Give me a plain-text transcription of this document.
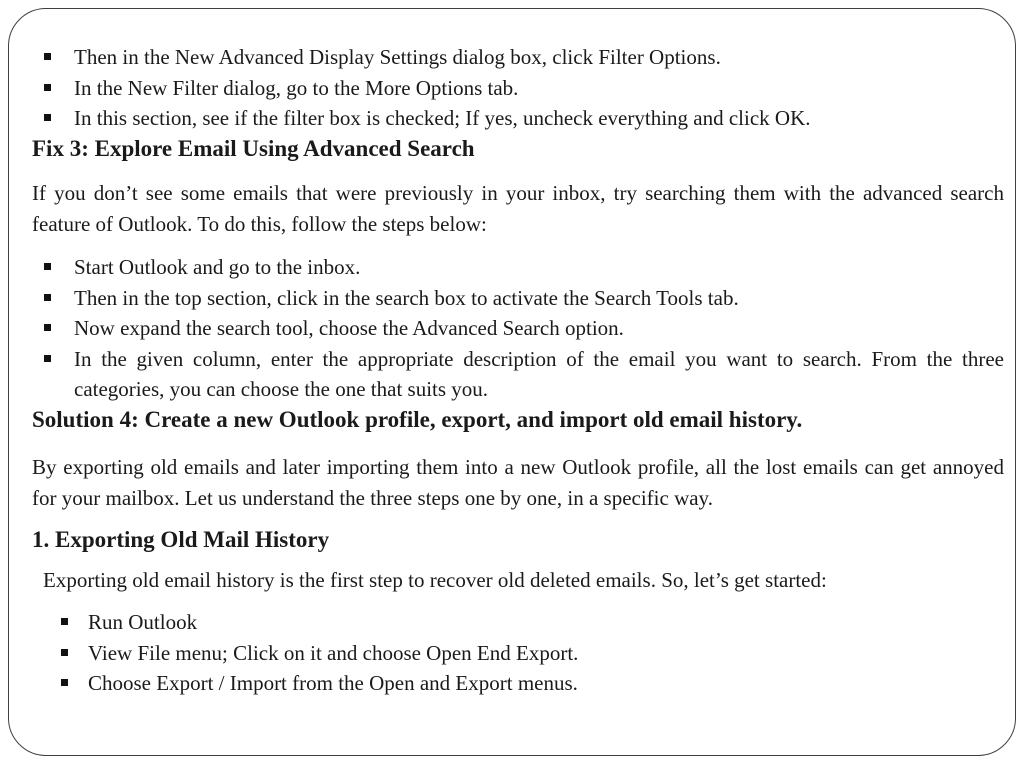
Then in the New Advanced Display Settings dialog box, click Filter Options.
In the New Filter dialog, go to the More Options tab.
In this section, see if the filter box is checked; If yes, uncheck everything and click OK.
Fix 3: Explore Email Using Advanced Search

If you don’t see some emails that were previously in your inbox, try searching them with the advanced search feature of Outlook. To do this, follow the steps below:

Start Outlook and go to the inbox.
Then in the top section, click in the search box to activate the Search Tools tab.
Now expand the search tool, choose the Advanced Search option.
In the given column, enter the appropriate description of the email you want to search. From the three categories, you can choose the one that suits you.
Solution 4: Create a new Outlook profile, export, and import old email history.

By exporting old emails and later importing them into a new Outlook profile, all the lost emails can get annoyed for your mailbox. Let us understand the three steps one by one, in a specific way.

1. Exporting Old Mail History

Exporting old email history is the first step to recover old deleted emails. So, let’s get started:

Run Outlook
View File menu; Click on it and choose Open End Export.
Choose Export / Import from the Open and Export menus.
